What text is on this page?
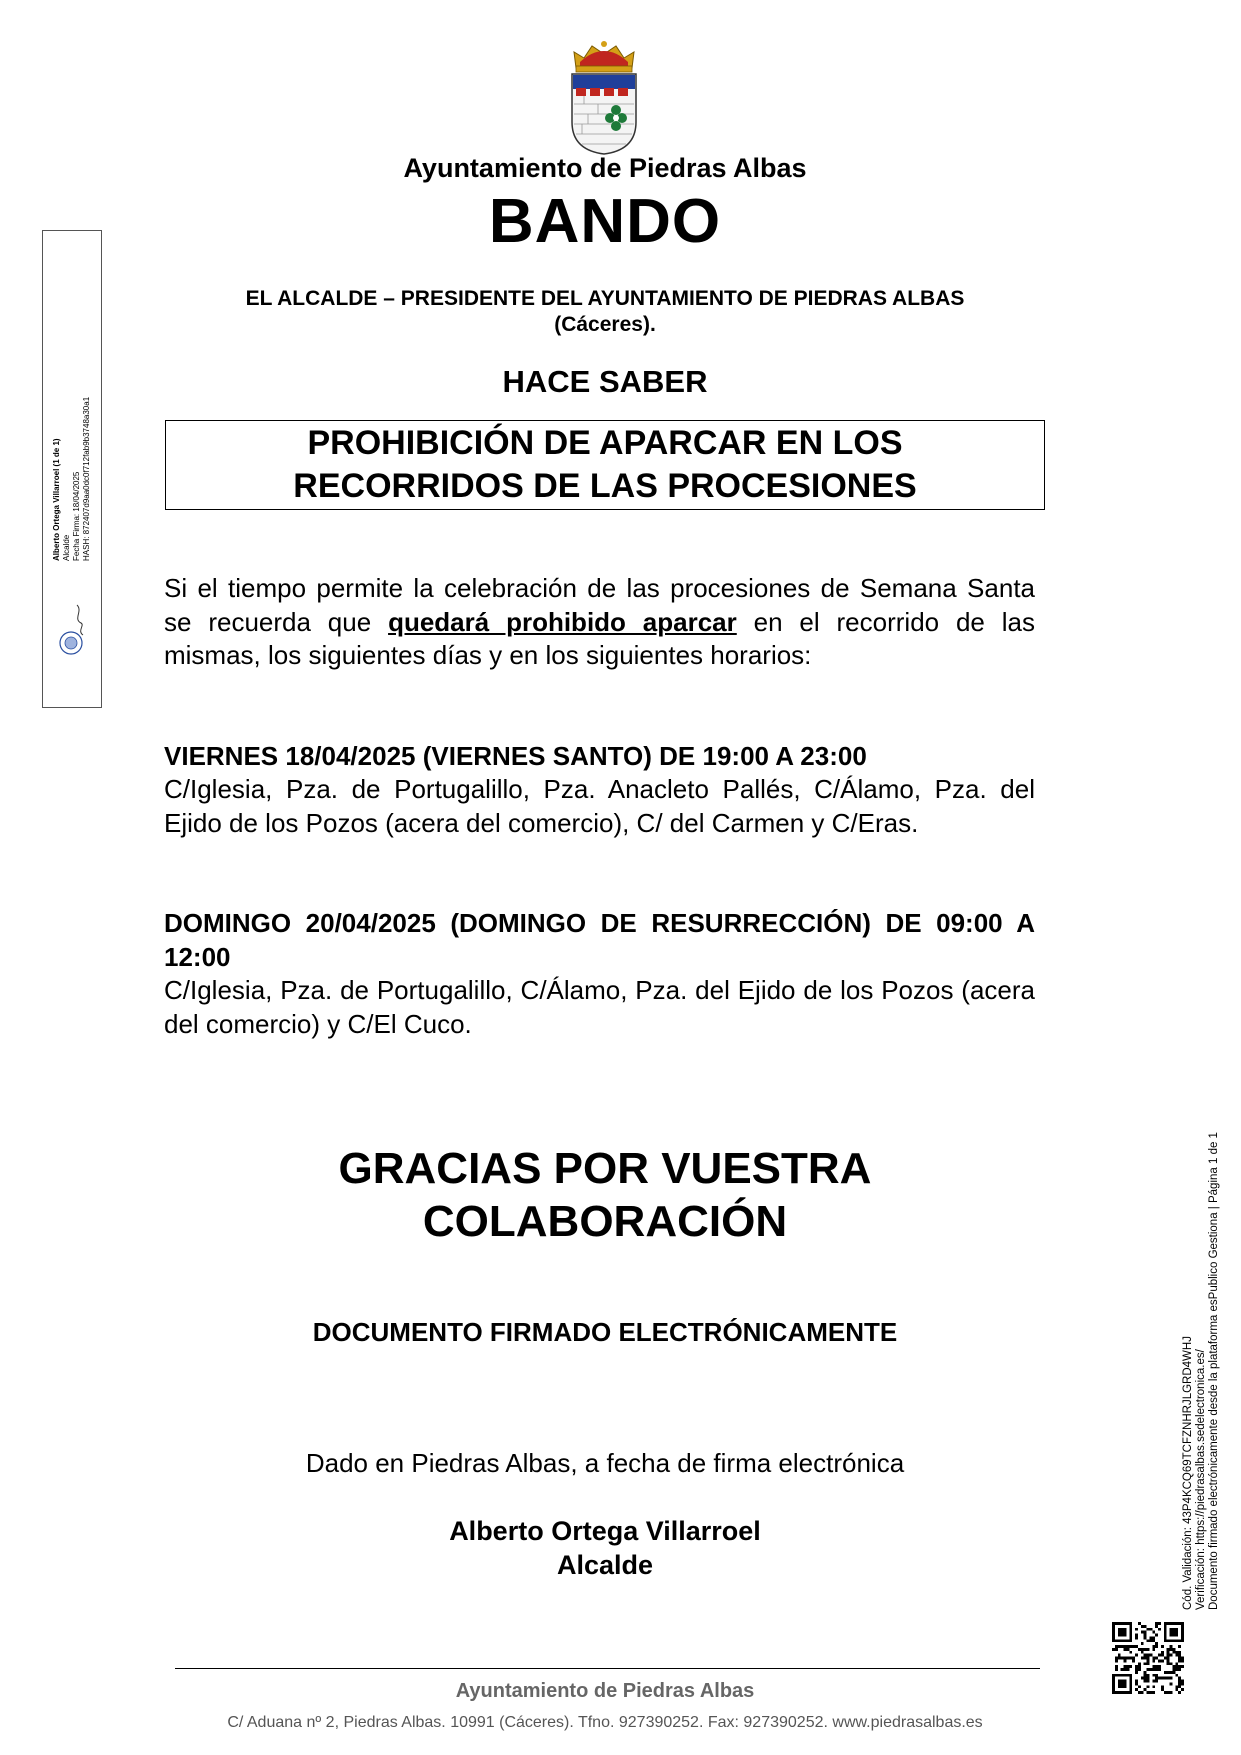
Ayuntamiento de Piedras Albas
BANDO
EL ALCALDE – PRESIDENTE DEL AYUNTAMIENTO DE PIEDRAS ALBAS
(Cáceres).
HACE SABER
PROHIBICIÓN DE APARCAR EN LOS
RECORRIDOS DE LAS PROCESIONES
Si el tiempo permite la celebración de las procesiones de Semana Santa se recuerda que quedará prohibido aparcar en el recorrido de las mismas, los siguientes días y en los siguientes horarios:
VIERNES 18/04/2025 (VIERNES SANTO) DE 19:00 A 23:00
C/Iglesia, Pza. de Portugalillo, Pza. Anacleto Pallés, C/Álamo, Pza. del Ejido de los Pozos (acera del comercio), C/ del Carmen y C/Eras.
DOMINGO 20/04/2025 (DOMINGO DE RESURRECCIÓN) DE 09:00 A 12:00
C/Iglesia, Pza. de Portugalillo, C/Álamo, Pza. del Ejido de los Pozos (acera del comercio) y C/El Cuco.
GRACIAS POR VUESTRA
COLABORACIÓN
DOCUMENTO FIRMADO ELECTRÓNICAMENTE
Dado en Piedras Albas, a fecha de firma electrónica
Alberto Ortega Villarroel
Alcalde
Ayuntamiento de Piedras Albas
C/ Aduana nº 2, Piedras Albas. 10991 (Cáceres). Tfno. 927390252. Fax: 927390252. www.piedrasalbas.es
Alberto Ortega Villarroel (1 de 1) Alcalde Fecha Firma: 18/04/2025 HASH: 872407d9aa0dc0f712fab9b3748a30a1
Cód. Validación: 43P4KCQ69TCFZNHRJLGRD4WHJ Verificación: https://piedrasalbas.sedelectronica.es/ Documento firmado electrónicamente desde la plataforma esPublico Gestiona | Página 1 de 1
